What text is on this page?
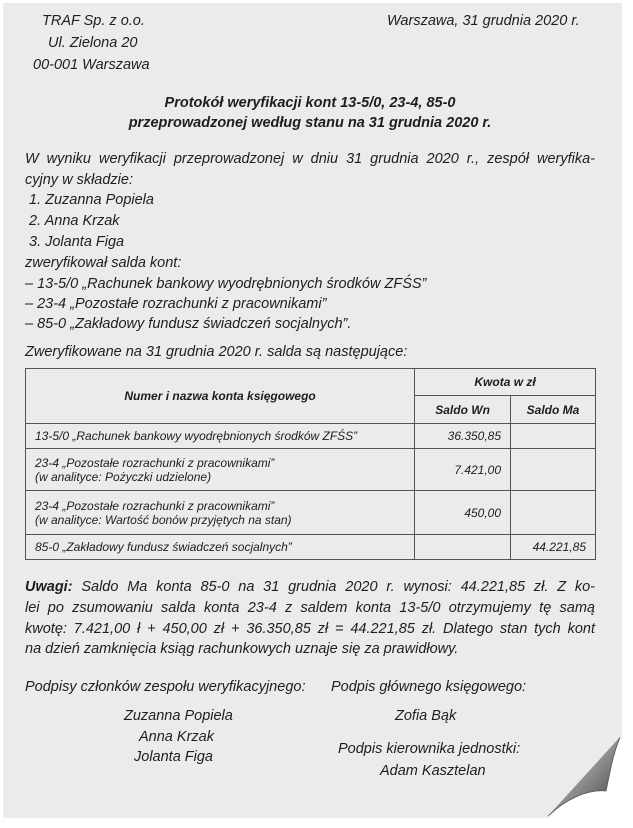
TRAF Sp. z o.o.
Ul. Zielona 20
00-001 Warszawa
Warszawa, 31 grudnia 2020 r.
Protokół weryfikacji kont 13-5/0, 23-4, 85-0
przeprowadzonej według stanu na 31 grudnia 2020 r.
W wyniku weryfikacji przeprowadzonej w dniu 31 grudnia 2020 r., zespół weryfika-
cyjny w składzie:
1. Zuzanna Popiela
2. Anna Krzak
3. Jolanta Figa
zweryfikował salda kont:
– 13-5/0 „Rachunek bankowy wyodrębnionych środków ZFŚS”
– 23-4 „Pozostałe rozrachunki z pracownikami”
– 85-0 „Zakładowy fundusz świadczeń socjalnych”.
Zweryfikowane na 31 grudnia 2020 r. salda są następujące:
Numer i nazwa konta księgowego	Kwota w zł	
	Saldo Wn	Saldo Ma
13-5/0 „Rachunek bankowy wyodrębnionych środków ZFŚS”	36.350,85	

23-4 „Pozostałe rozrachunki z pracownikami”
(w analityce: Pożyczki udzielone)	7.421,00	

23-4 „Pozostałe rozrachunki z pracownikami”
(w analityce: Wartość bonów przyjętych na stan)	450,00	
85-0 „Zakładowy fundusz świadczeń socjalnych”		44.221,85
Uwagi: Saldo Ma konta 85-0 na 31 grudnia 2020 r. wynosi: 44.221,85 zł. Z ko-
lei po zsumowaniu salda konta 23-4 z saldem konta 13-5/0 otrzymujemy tę samą
kwotę: 7.421,00 ł + 450,00 zł + 36.350,85 zł = 44.221,85 zł. Dlatego stan tych kont
na dzień zamknięcia ksiąg rachunkowych uznaje się za prawidłowy.
Podpisy członków zespołu weryfikacyjnego: Podpis głównego księgowego:
Zuzanna Popiela
Anna Krzak
Jolanta Figa
Zofia Bąk
Podpis kierownika jednostki:
Adam Kasztelan
